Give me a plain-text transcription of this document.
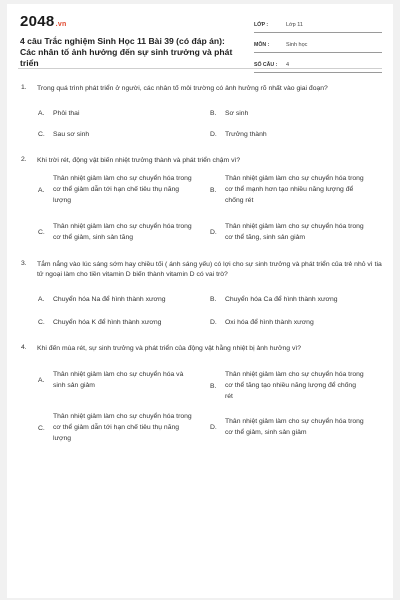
2048.vn
4 câu Trắc nghiệm Sinh Học 11 Bài 39 (có đáp án): Các nhân tố ảnh hưởng đến sự sinh trưởng và phát triển
LỚP :	Lớp 11
MÔN :	Sinh học
SỐ CÂU :	4
1. Trong quá trình phát triển ở người, các nhân tố môi trường có ảnh hưởng rõ nhất vào giai đoạn?
A. Phôi thai	B. Sơ sinh
C. Sau sơ sinh	D. Trưởng thành
2. Khi trời rét, động vật biến nhiệt trưởng thành và phát triển chậm vì?
A.
Thân nhiệt giảm làm cho sự chuyển hóa trong cơ thể giảm dẫn tới hạn chế tiêu thụ năng lượng
B.
Thân nhiệt giảm làm cho sự chuyển hóa trong cơ thể mạnh hơn tạo nhiều năng lượng để chống rét
C.
Thân nhiệt giảm làm cho sự chuyển hóa trong cơ thể giảm, sinh sản tăng
D.
Thân nhiệt giảm làm cho sự chuyển hóa trong cơ thể tăng, sinh sản giảm
3. Tắm nắng vào lúc sáng sớm hay chiều tối ( ánh sáng yếu) có lợi cho sự sinh trưởng và phát triển của trẻ nhỏ vì tia tử ngoại làm cho tiền vitamin D biến thành vitamin D có vai trò?
A. Chuyển hóa Na để hình thành xương	B. Chuyển hóa Ca để hình thành xương
C. Chuyển hóa K để hình thành xương	D. Oxi hóa để hình thành xương
4. Khi đến mùa rét, sự sinh trưởng và phát triển của động vật hằng nhiệt bị ảnh hưởng vì?
A.
Thân nhiệt giảm làm cho sự chuyển hóa và sinh sản giảm	B.
Thân nhiệt giảm làm cho sự chuyển hóa trong cơ thể tăng tạo nhiều năng lượng để chống rét
C.
Thân nhiệt giảm làm cho sự chuyển hóa trong cơ thể giảm dẫn tới hạn chế tiêu thụ năng lượng
D.
Thân nhiệt giảm làm cho sự chuyển hóa trong cơ thể giảm, sinh sản giảm
